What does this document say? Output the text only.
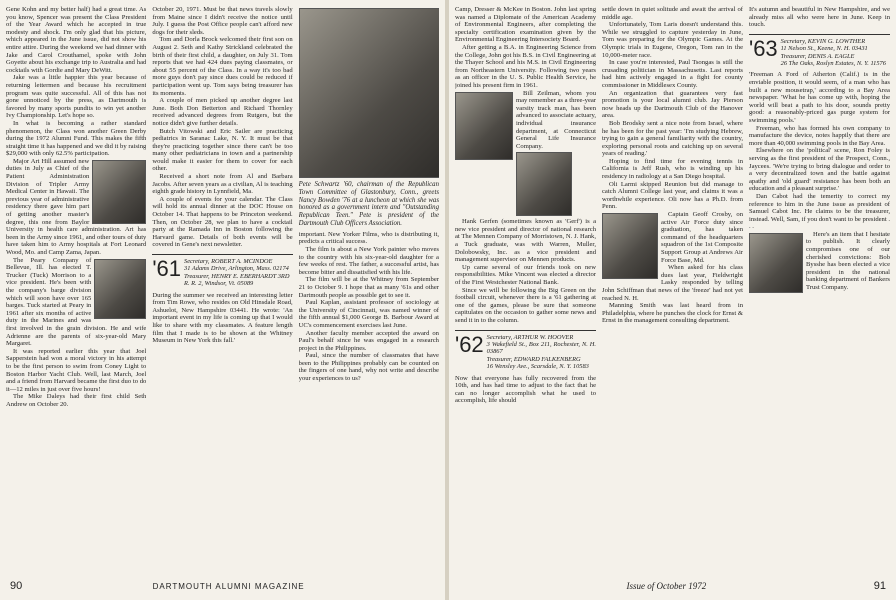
Gene Kohn and my better half) had a great time. As you know, Spencer was present the Class President of the Year Award which he accepted in true modesty and shock. I'm only glad that his picture, which appeared in the June issue, did not show his entire attire. During the weekend we had dinner with Jake and Carol Crouthamel, spoke with John Goyette about his exchange trip to Australia and had cocktails with Gordie and Mary DeWitt.

Jake was a little happier this year because of returning lettermen and because his recruitment program was quite successful. All of this has not gone unnoticed by the press, as Dartmouth is favored by many sports pundits to win yet another Ivy Championship. Let's hope so.

In what is becoming a rather standard phenomenon, the Class won another Green Derby during the 1972 Alumni Fund. This makes the fifth straight time it has happened and we did it by raising $29,000 with only 62.5% participation.

Major Art Hill assumed new duties in July as Chief of the Patient Administration Division of Tripler Army Medical Center in Hawaii. The previous year of administrative residency there gave him part of getting another master's degree, this one from Baylor University in health care administration. Art has been in the Army since 1961, and other tours of duty have taken him to Army hospitals at Fort Leonard Wood, Mo. and Camp Zama, Japan.

The Peary Company of Bellevue, Ill. has elected T. Trucker (Tuck) Morrison to a vice president. He's been with the company's barge division which will soon have over 165 barges. Tuck started at Peary in 1961 after six months of active duty in the Marines and was first involved in the grain division. He and wife Adrienne are the parents of six-year-old Mary Margaret.

It was reported earlier this year that Joel Sapperstein had won a moral victory in his attempt to be the first person to swim from Coney Light to Boston Harbor Yacht Club. Well, last March, Joel and a friend from Harvard became the first duo to do it—12 miles in just over five hours!

The Mike Daleys had their first child Seth Andrew on October 20.

October 20, 1971. Must be that news travels slowly from Maine since I didn't receive the notice until July. I guess the Post Office people can't afford new dogs for their sleds.

Tom and Dorla Brock welcomed their first son on August 2. Seth and Kathy Strickland celebrated the birth of their first child, a daughter, on July 31. Tom reports that we had 424 dues paying classmates, or about 55 percent of the Class. In a way it's too bad more guys don't pay since dues could be reduced if participation went up. Tom says being treasurer has its moments.

A couple of men picked up another degree last June. Both Don Betterton and Richard Thornley received advanced degrees from Rutgers, but the notice didn't give further details.

Butch Vitowski and Eric Sailer are practicing pediatrics in Saranac Lake, N. Y. It must be that they're practicing together since there can't be too many other pediatricians in town and a partnership would make it easier for them to cover for each other.

Received a short note from Al and Barbara Jacobs. After seven years as a civilian, Al is teaching eighth grade history in Lynnfield, Ma.

A couple of events for your calendar. The Class will hold its annual dinner at the DOC House on October 14. That happens to be Princeton weekend. Then, on October 28, we plan to have a cocktail party at the Ramada Inn in Boston following the Harvard game. Details of both events will be covered in Gene's next newsletter.

'61 Secretary, ROBERT A. MCINDOE
31 Adams Drive, Arlington, Mass. 02174
Treasurer, HENRY E. EBERHARDT 3RD
R. R. 2, Windsor, Vt. 05089

During the summer we received an interesting letter from Tim Rowe, who resides on Old Hinsdale Road, Ashuelot, New Hampshire 03441. He wrote: 'An important event in my life is coming up that I would like to share with my classmates. A feature length film that I made is to be shown at the Whitney Museum in New York this fall.'

Pete Schwartz '60, chairman of the Republican Town Committee of Glastonbury, Conn., greets Nancy Bowden '76 at a luncheon at which she was honored as a government intern and "Outstanding Republican Teen." Pete is president of the Dartmouth Club Officers Association.

important. New Yorker Films, who is distributing it, predicts a critical success.

The film is about a New York painter who moves to the country with his six-year-old daughter for a few weeks of rest. The father, a successful artist, has become bitter and dissatisfied with his life.

The film will be at the Whitney from September 21 to October 9. I hope that as many '61s and other Dartmouth people as possible get to see it.

Paul Kaplan, assistant professor of sociology at the University of Cincinnati, was named winner of the fifth annual $1,000 George B. Barbour Award at UC's commencement exercises last June.

Another faculty member accepted the award on Paul's behalf since he was engaged in a research project in the Philippines.

Paul, since the number of classmates that have been to the Philippines probably can be counted on the fingers of one hand, why not write and describe your experiences to us?

90	DARTMOUTH ALUMNI MAGAZINE

Camp, Dresser & McKee in Boston. John last spring was named a Diplomate of the American Academy of Environmental Engineers, after completing the specialty certification examination given by the Environmental Engineering Intersociety Board.

After getting a B.A. in Engineering Science from the College, John got his B.S. in Civil Engineering at the Thayer School and his M.S. in Civil Engineering from Northeastern University. Following two years as an officer in the U. S. Public Health Service, he joined his present firm in 1961.

Bill Zeilman, whom you may remember as a three-year varsity track man, has been advanced to associate actuary, individual insurance department, at Connecticut General Life Insurance Company.

Hank Gerfen (sometimes known as 'Gerf') is a new vice president and director of national research at The Mennen Company of Morristown, N. J. Hank, a Tuck graduate, was with Warren, Muller, Dolobowsky, Inc. as a vice president and management supervisor on Mennen products.

Up came several of our friends took on new responsibilities. Mike Vincent was elected a director of the First Westchester National Bank.

Since we will be following the Big Green on the football circuit, whenever there is a '61 gathering at one of the games, please be sure that someone capitulates on the occasion to gather some news and send it in to the column.

'62 Secretary, ARTHUR W. HOOVER
3 Wakefield St., Box 211, Rochester, N. H. 03867
Treasurer, EDWARD FALKENBERG
16 Wensley Ave., Scarsdale, N. Y. 10583

Now that everyone has fully recovered from the 10th, and has had time to adjust to the fact that he can no longer accomplish what he used to accomplish, life should

settle down in quiet solitude and await the arrival of middle age.

Unfortunately, Tom Laris doesn't understand this. While we struggled to capture yesterday in June, Tom was preparing for the Olympic Games. At the Olympic trials in Eugene, Oregon, Tom ran in the 10,000-meter race.

In case you're interested, Paul Tsongas is still the crusading politician in Massachusetts. Last reports had him actively engaged in a fight for county commissioner in Middlesex County.

An organization that guarantees very fast promotion is your local alumni club. Jay Pierson now heads up the Dartmouth Club of the Hanover area.

Bob Brodsky sent a nice note from Israel, where he has been for the past year: 'I'm studying Hebrew, trying to gain a general familiarity with the country, exploring personal roots and catching up on several years of reading.'

Hoping to find time for evening tennis in California is Jeff Rush, who is winding up his residency in radiology at a San Diego hospital.

Oli Larmi skipped Reunion but did manage to catch Alumni College last year, and claims it was a worthwhile experience. Oli now has a Ph.D. from Penn.

Captain Geoff Crosby, on active Air Force duty since graduation, has taken command of the headquarters squadron of the 1st Composite Support Group at Andrews Air Force Base, Md.

When asked for his class dues last year, Fieldwright Lasky responded by telling John Schiffman that news of the 'freeze' had not yet reached N. H.

Manning Smith was last heard from in Philadelphia, where he punches the clock for Ernst & Ernst in the management consulting department.

It's autumn and beautiful in New Hampshire, and we already miss all who were here in June. Keep in touch.

'63 Secretary, KEVIN G. LOWTHER
11 Nelson St., Keene, N. H. 03431
Treasurer, DENIS A. EAGLE
26 The Oaks, Roslyn Estates, N. Y. 11576

'Freeman A Ford of Atherton (Calif.) is in the enviable position, it would seem, of a man who has built a new mousetrap,' according to a Bay Area newspaper. 'What he has come up with, hoping the world will beat a path to his door, sounds pretty good: a reasonably-priced gas purge system for swimming pools.'

Freeman, who has formed his own company to manufacture the device, notes happily that there are more than 40,000 swimming pools in the Bay Area.

Elsewhere on the 'political' scene, Ron Foley is serving as the first president of the Prospect, Conn., Jaycees. 'We're trying to bring dialogue and order to a very decentralized town and the battle against apathy and 'old guard' resistance has been both an education and a pleasant surprise.'

Dan Cabot had the temerity to correct my reference to him in the June issue as president of Samuel Cabot Inc. He claims to be the treasurer, instead. Well, Sam, if you don't want to be president . . .

Here's an item that I hesitate to publish. It clearly compromises one of our cherished convictions: Bob Bysshe has been elected a vice president in the national banking department of Bankers Trust Company.

Issue of October 1972	91
